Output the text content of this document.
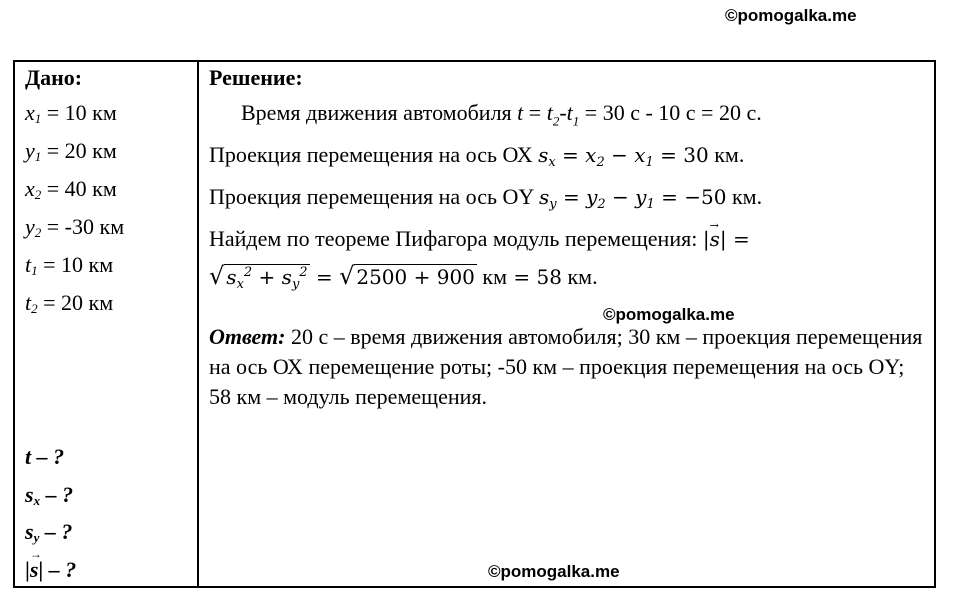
©pomogalka.me
Дано:
$x_1 = 10$ км
$y_1 = 20$ км
$x_2 = 40$ км
$y_2 = -30$ км
$t_1 = 10$ км
$t_2 = 20$ км
t – ?
$s_x$ – ?
$s_y$ – ?
|→ s| – ?
Решение:
Время движения автомобиля $t = t_2-t_1 = 30$ с - 10 с = 20 с.
Проекция перемещения на ось ОХ $s_x = x_2 - x_1 = 30$ км.
Проекция перемещения на ось ОY $s_y = y_2 - y_1 = -50$ км.
Найдем по теореме Пифагора модуль перемещения: |→ s| =
√ $s_x^2 + s_y^2$ = √ 2500 + 900 км = 58 км.
©pomogalka.me
Ответ: 20 с – время движения автомобиля; 30 км – проекция перемещения на ось ОХ перемещение роты; -50 км – проекция перемещения на ось ОY; 58 км – модуль перемещения.
©pomogalka.me
